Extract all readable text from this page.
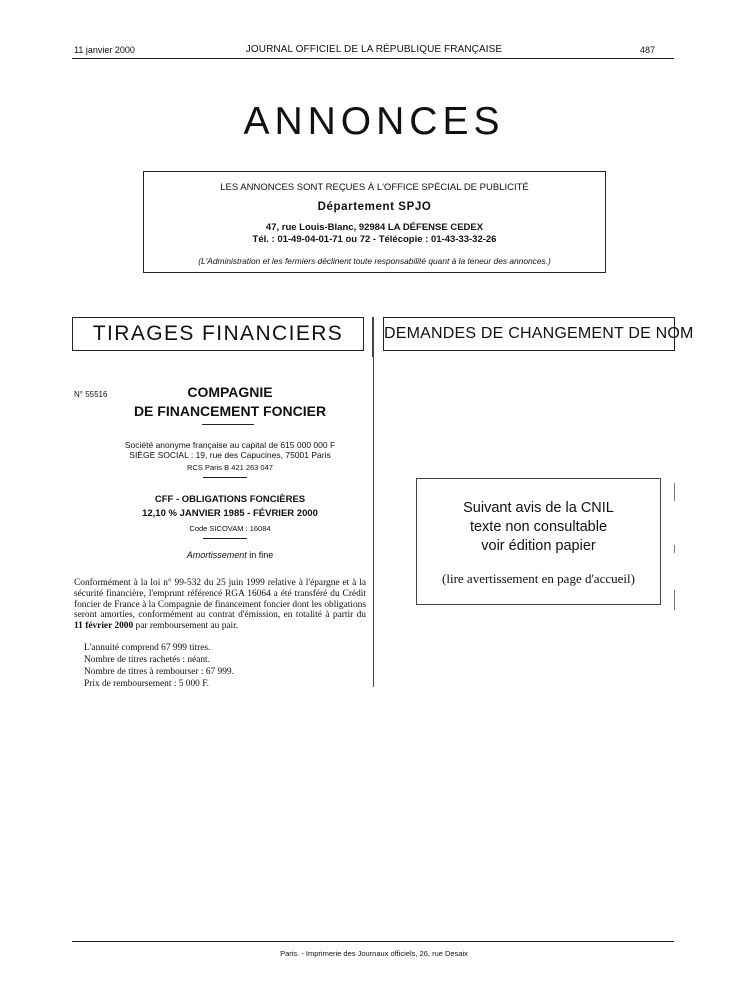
11 janvier 2000	JOURNAL OFFICIEL DE LA RÉPUBLIQUE FRANÇAISE	487
ANNONCES
LES ANNONCES SONT REÇUES À L'OFFICE SPÉCIAL DE PUBLICITÉ
Département SPJO
47, rue Louis-Blanc, 92984 LA DÉFENSE CEDEX
Tél. : 01-49-04-01-71 ou 72 - Télécopie : 01-43-33-32-26
(L'Administration et les fermiers déclinent toute responsabilité quant à la teneur des annonces.)
TIRAGES FINANCIERS	DEMANDES DE CHANGEMENT DE NOM
N° 55516	COMPAGNIE
DE FINANCEMENT FONCIER
Société anonyme française au capital de 615 000 000 F
SIÈGE SOCIAL : 19, rue des Capucines, 75001 Paris
RCS Paris B 421 263 047
CFF - OBLIGATIONS FONCIÈRES
12,10 % JANVIER 1985 - FÉVRIER 2000
Code SICOVAM : 16084
Amortissement in fine
Conformément à la loi n° 99-532 du 25 juin 1999 relative à l'épargne et à la sécurité financière, l'emprunt référencé RGA 16064 a été transféré du Crédit foncier de France à la Compagnie de financement foncier dont les obligations seront amorties, conformément au contrat d'émission, en totalité à partir du 11 février 2000 par remboursement au pair.
L'annuité comprend 67 999 titres.
Nombre de titres rachetés : néant.
Nombre de titres à rembourser : 67 999.
Prix de remboursement : 5 000 F.
Suivant avis de la CNIL
texte non consultable
voir édition papier
(lire avertissement en page d'accueil)
Paris. - Imprimerie des Journaux officiels, 26, rue Desaix
